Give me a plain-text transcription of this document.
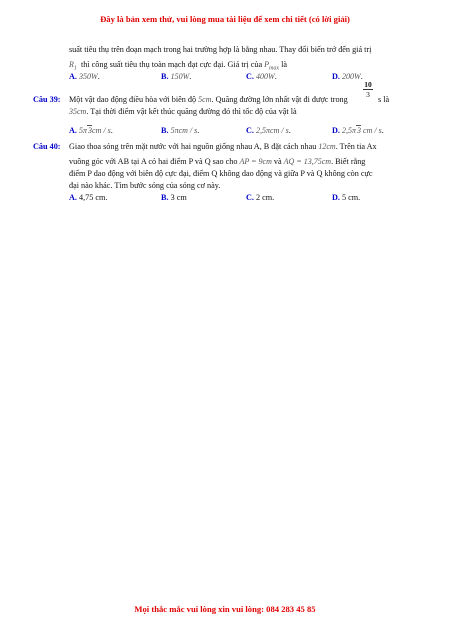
Đây là bản xem thử, vui lòng mua tài liệu để xem chi tiết (có lời giải)
suất tiêu thụ trên đoạn mạch trong hai trường hợp là bằng nhau. Thay đổi biến trở đến giá trị
$R_1$ thì công suất tiêu thụ toàn mạch đạt cực đại. Giá trị của $P_{max}$ là
A. 350W.	B. 150W.	C. 400W.	D. 200W.
Câu 39: Một vật dao động điều hòa với biên độ 5cm. Quãng đường lớn nhất vật đi được trong
$\frac{10}{3}$
s là
35cm. Tại thời điểm vật kết thúc quãng đường đó thì tốc độ của vật là
A. 5π3cm / s.	B. 5πcm / s.	C. 2,5πcm / s.	D. 2,5π3 cm / s.
Câu 40: Giao thoa sóng trên mặt nước với hai nguồn giống nhau A, B đặt cách nhau 12cm. Trên tia Ax
vuông góc với AB tại A có hai điểm P và Q sao cho AP = 9cm và AQ = 13,75cm. Biết rằng
điểm P dao động với biên độ cực đại, điểm Q không dao động và giữa P và Q không còn cực
đại nào khác. Tìm bước sóng của sóng cơ này.
A. 4,75 cm.	B. 3 cm	C. 2 cm.	D. 5 cm.
Mọi thắc mắc vui lòng xin vui lòng: 084 283 45 85
